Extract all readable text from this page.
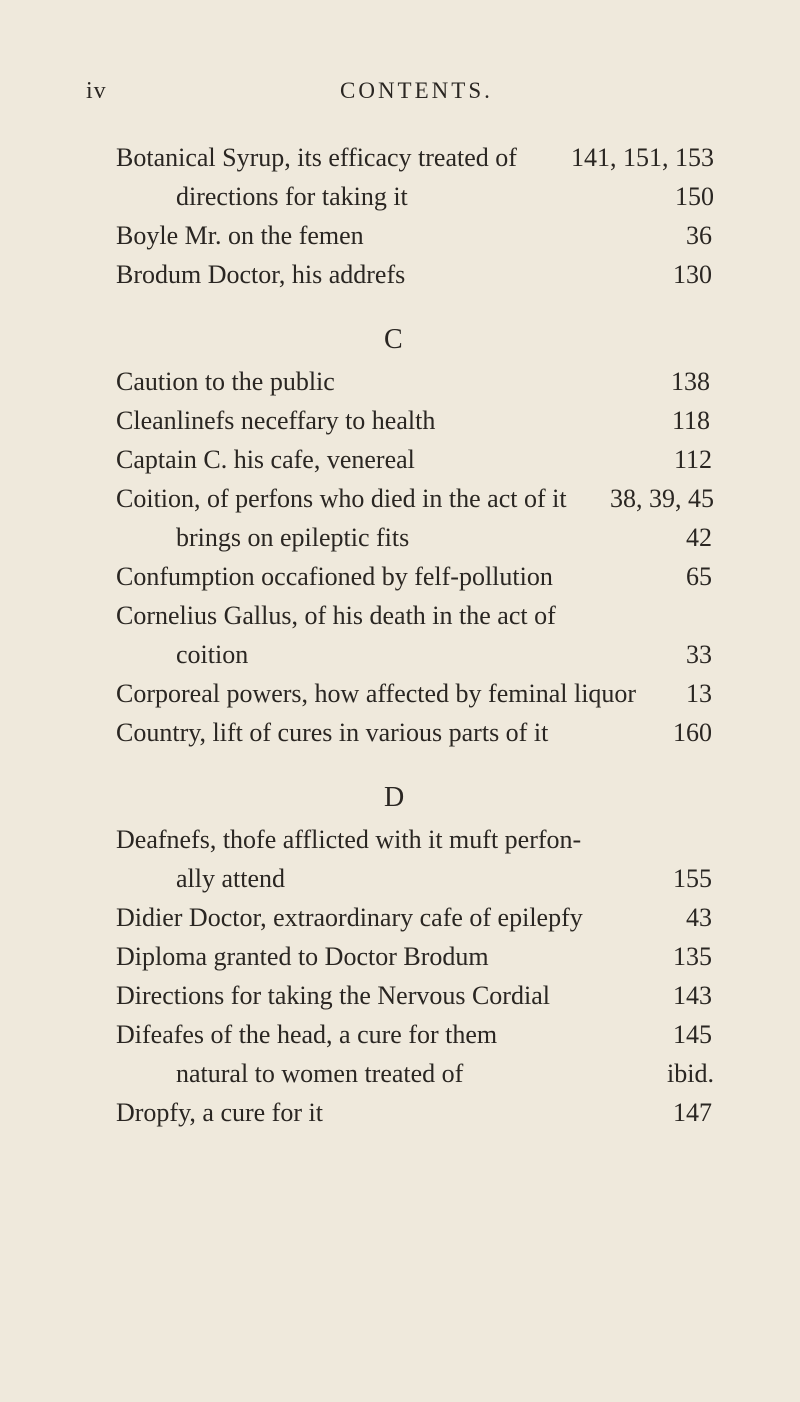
iv	CONTENTS.
Botanical Syrup, its efficacy treated of 141, 151, 153
directions for taking it	150
Boyle Mr. on the femen	36
Brodum Doctor, his addrefs	130
C
Caution to the public	138
Cleanlinefs neceffary to health	118
Captain C. his cafe, venereal	112
Coition, of perfons who died in the act of it 38, 39, 45
brings on epileptic fits	42
Confumption occafioned by felf-pollution	65
Cornelius Gallus, of his death in the act of
coition	33
Corporeal powers, how affected by feminal liquor 13
Country, lift of cures in various parts of it	160
D
Deafnefs, thofe afflicted with it muft perfon-
ally attend	155
Didier Doctor, extraordinary cafe of epilepfy	43
Diploma granted to Doctor Brodum	135
Directions for taking the Nervous Cordial	143
Difeafes of the head, a cure for them	145
natural to women treated of	ibid.
Dropfy, a cure for it	147
